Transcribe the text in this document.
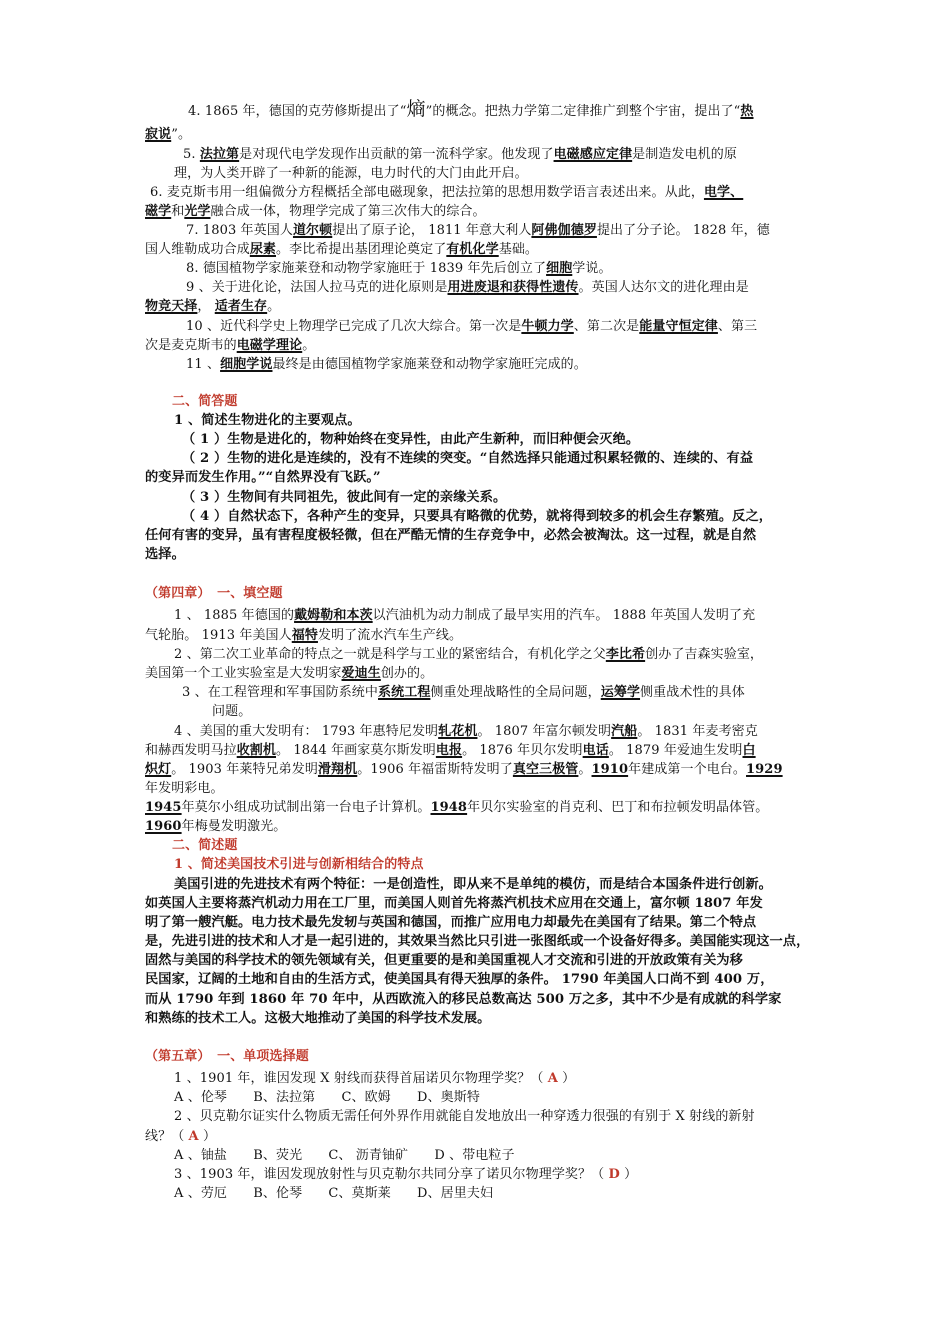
4. 1865 年，德国的克劳修斯提出了“熵”的概念。把热力学第二定律推广到整个宇宙，提出了“热
寂说”。
5. 法拉第是对现代电学发现作出贡献的第一流科学家。他发现了电磁感应定律是制造发电机的原
理，为人类开辟了一种新的能源，电力时代的大门由此开启。
6. 麦克斯韦用一组偏微分方程概括全部电磁现象，把法拉第的思想用数学语言表述出来。从此，电学、
磁学和光学融合成一体，物理学完成了第三次伟大的综合。
7. 1803 年英国人道尔顿提出了原子论， 1811 年意大利人阿佛伽德罗提出了分子论。 1828 年，德
国人维勒成功合成尿素。李比希提出基团理论奠定了有机化学基础。
8. 德国植物学家施莱登和动物学家施旺于 1839 年先后创立了细胞学说。
9 、关于进化论，法国人拉马克的进化原则是用进废退和获得性遗传。英国人达尔文的进化理由是
物竞天择， 适者生存。
10 、近代科学史上物理学已完成了几次大综合。第一次是牛顿力学、第二次是能量守恒定律、第三
次是麦克斯韦的电磁学理论。
11 、细胞学说最终是由德国植物学家施莱登和动物学家施旺完成的。
二、简答题
1 、简述生物进化的主要观点。
（ 1 ）生物是进化的，物种始终在变异性，由此产生新种，而旧种便会灭绝。
（ 2 ）生物的进化是连续的，没有不连续的突变。“自然选择只能通过积累轻微的、连续的、有益
的变异而发生作用。”“自然界没有飞跃。”
（ 3 ）生物间有共同祖先，彼此间有一定的亲缘关系。
（ 4 ）自然状态下，各种产生的变异，只要具有略微的优势，就将得到较多的机会生存繁殖。反之，
任何有害的变异，虽有害程度极轻微，但在严酷无情的生存竞争中，必然会被淘汰。这一过程，就是自然
选择。
（第四章）　一、填空题
1 、 1885 年德国的戴姆勒和本茨以汽油机为动力制成了最早实用的汽车。 1888 年英国人发明了充
气轮胎。 1913 年美国人福特发明了流水汽车生产线。
2 、第二次工业革命的特点之一就是科学与工业的紧密结合，有机化学之父李比希创办了吉森实验室，
美国第一个工业实验室是大发明家爱迪生创办的。
3 、在工程管理和军事国防系统中系统工程侧重处理战略性的全局问题，运筹学侧重战术性的具体
问题。
4 、美国的重大发明有： 1793 年惠特尼发明轧花机。 1807 年富尔顿发明汽船。 1831 年麦考密克
和赫西发明马拉收割机。 1844 年画家莫尔斯发明电报。 1876 年贝尔发明电话。 1879 年爱迪生发明白
炽灯。 1903 年莱特兄弟发明滑翔机。1906 年福雷斯特发明了真空三极管。1910年建成第一个电台。1929
年发明彩电。
1945年莫尔小组成功试制出第一台电子计算机。1948年贝尔实验室的肖克利、巴丁和布拉顿发明晶体管。
1960年梅曼发明激光。
二、简述题
1 、简述美国技术引进与创新相结合的特点
美国引进的先进技术有两个特征：一是创造性，即从来不是单纯的模仿，而是结合本国条件进行创新。
如英国人主要将蒸汽机动力用在工厂里，而美国人则首先将蒸汽机技术应用在交通上，富尔顿 1807 年发
明了第一艘汽艇。电力技术最先发轫与英国和德国，而推广应用电力却最先在美国有了结果。第二个特点
是，先进引进的技术和人才是一起引进的，其效果当然比只引进一张图纸或一个设备好得多。美国能实现这一点，
固然与美国的科学技术的领先领域有关，但更重要的是和美国重视人才交流和引进的开放政策有关为移
民国家，辽阔的土地和自由的生活方式，使美国具有得天独厚的条件。 1790 年美国人口尚不到 400 万，
而从 1790 年到 1860 年 70 年中，从西欧流入的移民总数高达 500 万之多，其中不少是有成就的科学家
和熟练的技术工人。这极大地推动了美国的科学技术发展。
（第五章）　一、单项选择题
1 、1901 年，谁因发现 X 射线而获得首届诺贝尔物理学奖？（ A ）
A 、伦琴　　B、法拉第　　C、欧姆　　D、奥斯特
2 、贝克勒尔证实什么物质无需任何外界作用就能自发地放出一种穿透力很强的有别于 X 射线的新射
线？（ A ）
A 、铀盐　　B、荧光　　C、 沥青铀矿　　D 、带电粒子
3 、1903 年，谁因发现放射性与贝克勒尔共同分享了诺贝尔物理学奖？（ D ）
A 、劳厄　　B、伦琴　　C、莫斯莱　　D、居里夫妇
